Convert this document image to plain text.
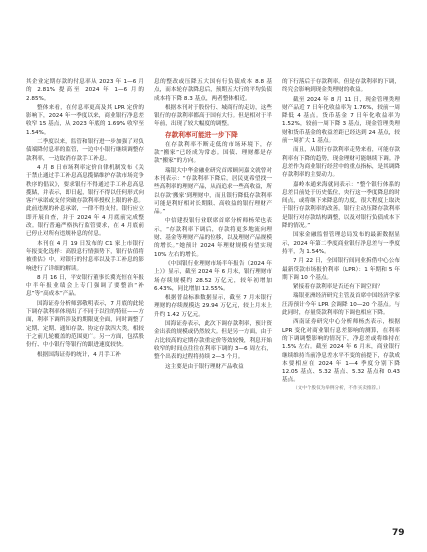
其企业定期存款的付息率从 2023 年 1—6 月的 2.81% 提高至 2024 年 1—6 月的 2.85%。

整体来看，在付息率更高及其 LPR 定价的影响下，2024 年一季度以来，商业银行净息差收窄 15 基点，从 2023 年底的 1.69% 收窄至 1.54%。

二季度以来，监管和银行进一步加强了对负债端降付息率的监管，一边中小银行继续调整存款利率，一边取消存款手工补息。

4 月 8 日市场利率定价自律机制发布《关于禁止通过手工补息高息揽储维护存款市场竞争秩序的倡议》，要求银行不得通过手工补息高息揽储，并表示，即日起，银行不得以任何形式向客户承诺或支付突破存款利率授权上限的补息。此前违规的补息承诺，一律不得支付。银行应立即开展自查，并于 2024 年 4 月底前完成整改。银行普遍严格执行监管要求，在 4 月底前已停止对所有违规补息的付息。

本刊在 4 月 19 日发布的 C1 家上市银行年报变化选样：高股息行情强势下，银行估值将被重估》中，对银行的付息率以及手工补息的影响进行了详细的解读。

8 月 16 日，平安银行董事长冀光恒在年报中半年报业绩会上专门强调了要整治“补息”等“高成本”产品。

国海证券分析师郭敬明表示，7 月底的此轮下调存款利率体现出了不同于以往的特征——方面，利率下调所涉及的期限更全面，同时调整了定期、定期、通知存款、协定存款四大类，相较于之前几轮覆盖的范围更广。另一方面，包括股份行、中小银行等银行的跟进速度较快。

根据国海证券的统计，4 月手工补

息的整改或压降五大国有行负债成本 8.8 基点，而本轮存款降息后，预期五大行的平均负债成本将下降 8.3 基点，两者整体相近。

根据本刊对于股份行、城商行的走访，这些银行的存款利率都高于国有大行。但是相对于半年前，出现了较大幅度的调整。

存款利率可能进一步下降

在存款利率不断走低的市场环境下，存款“搬家”已经成为常态。国债、理财都是存款“搬家”的方向。

瑞银大中华金融业研究首席顾问嘉文就曾对本刊表示：“存款利率下降后，居民更希望找一些高利率的理财产品，从而追求一些高收益，所以存款‘搬家’到理财中，而且银行降低存款利率可能是利好相对长期限、高收益的银行理财产品。”

中信建投银行业联席首席分析师杨荣也表示，“存款利率下调后，存款将更多地流向理财、基金等理财产品的位移，以及理财产品规模的增长。”她预计 2024 年理财规模有望实现 10% 左右的增长。

《中国银行业理财市场半年报告（2024 年上）》显示，截至 2024 年 6 月末，银行理财市场存续规模约 28.52 万亿元，较年初增加 6.43%，同比增加 12.55%。

根据普益标准数据显示，截至 7 月末银行理财的存续规模达 29.94 万亿元，较上月末上升约 1.42 万亿元。

国海证券表示，此次下调存款利率，预计资金出表的规模或仍然较大。但是另一方面，由于占比较高的定期存款重定价等效较慢，利息开始收窄的时间点往往在利率下调的 3—6 周左右，整个出表的过程将持续 2—3 个月。

这主要是由于银行理财产品收益

的下行落后于存款利率。但是存款利率的下调，终究会影响到现金类理财的收益。

截至 2024 年 8 月 11 日，现金管理类理财产品近 7 日年化收益率为 1.76%，较前一周降低 4 基点。货币基金 7 日年化收益率为 1.52%，较前一周下降 3 基点，现金管理类理财和货币基金的收益差距已经达到 24 基点，较前一周扩大 1 基点。

而且，从银行存款利率走势来看，可能存款利率有下降的趋势，现金理财可能继续下调。净息差作为商业银行经营中的重点指标，是其调降存款利率的主要动力。

嘉岭本通来海就同表示：“整个银行体系的息差目前处于历史低位，央行这一季度降息的时间点，或将继下来降息的力度，很大程度上取决于银行存款利率的改善。银行主动压降存款利率是银行对存款结构调整，以及对银行负债成本下降的情况。”

国家金融监督管理总局发布的最新数据显示，2024 年第二季度商业银行净息差与一季度持平，为 1.54%。

7 月 22 日，全国银行间同业拆借中心公布最新贷款市场报价利率（LPR）：1 年期和 5 年期下调 10 个基点。

紧接着存款利率是否还有下调空间？

瑞银亚洲经济研究主管及首席中国经济学家汪涛预计今年 LPR 会调降 10—20 个基点。与此同时，存量贷款利率的下调也相应下降。

西南证券研究中心分析师杨杰表示，根据 LPR 变化对商业银行息差影响的测算，在利率的下调调整影响的情况下，净息差或将维持在 1.5% 左右。截至 2024 年 6 月末，商业银行继续维持当前净息差水平不变的前提下，存款成本要相应在 2024 年 1—4 季度分别下降 12.05 基点、5.32 基点、5.32 基点和 0.43 基点。

（文中个股仅为举例分析，不作买卖推荐。）

79
